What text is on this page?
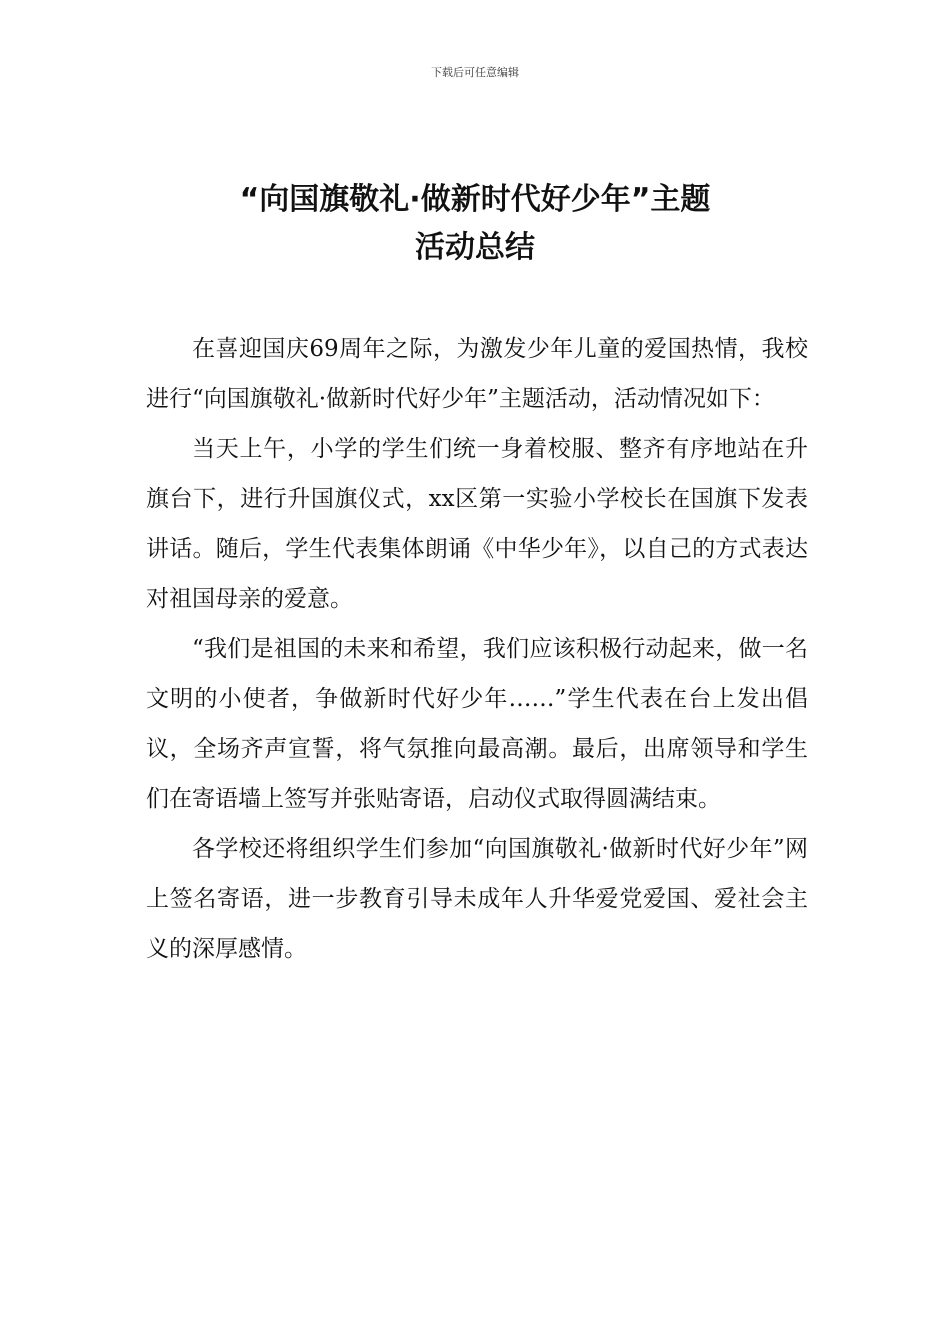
下载后可任意编辑
“向国旗敬礼·做新时代好少年”主题
活动总结

在喜迎国庆69周年之际，为激发少年儿童的爱国热情，我校进行“向国旗敬礼·做新时代好少年”主题活动，活动情况如下：

当天上午，小学的学生们统一身着校服、整齐有序地站在升旗台下，进行升国旗仪式，xx区第一实验小学校长在国旗下发表讲话。随后，学生代表集体朗诵《中华少年》，以自己的方式表达对祖国母亲的爱意。

“我们是祖国的未来和希望，我们应该积极行动起来，做一名文明的小使者，争做新时代好少年……”学生代表在台上发出倡议，全场齐声宣誓，将气氛推向最高潮。最后，出席领导和学生们在寄语墙上签写并张贴寄语，启动仪式取得圆满结束。

各学校还将组织学生们参加“向国旗敬礼·做新时代好少年”网上签名寄语，进一步教育引导未成年人升华爱党爱国、爱社会主义的深厚感情。
